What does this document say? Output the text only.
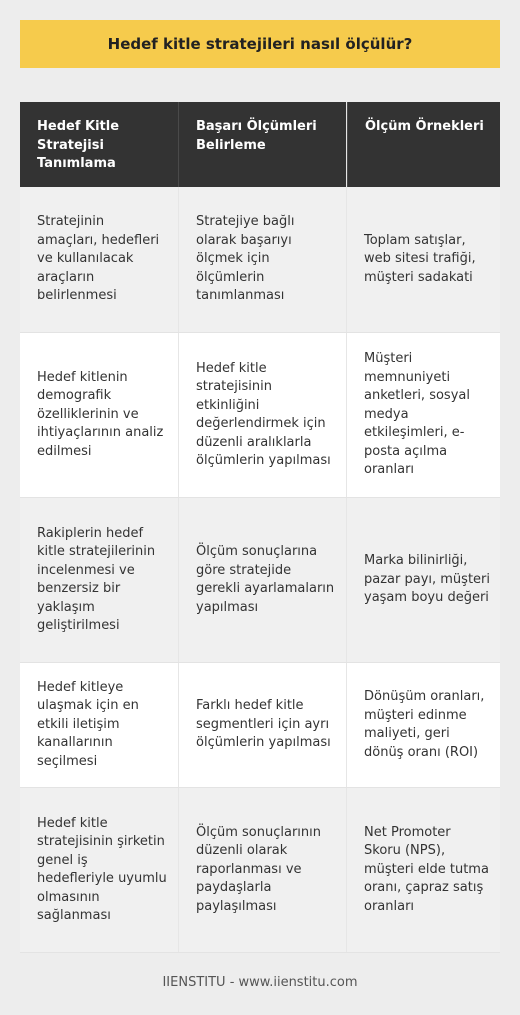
Hedef kitle stratejileri nasıl ölçülür?
Hedef Kitle Stratejisi Tanımlama
Başarı Ölçümleri Belirleme
Ölçüm Örnekleri
Stratejinin amaçları, hedefleri ve kullanılacak araçların belirlenmesi
Stratejiye bağlı olarak başarıyı ölçmek için ölçümlerin tanımlanması
Toplam satışlar, web sitesi trafiği, müşteri sadakati
Hedef kitlenin demografik özelliklerinin ve ihtiyaçlarının analiz edilmesi
Hedef kitle stratejisinin etkinliğini değerlendirmek için düzenli aralıklarla ölçümlerin yapılması
Müşteri memnuniyeti anketleri, sosyal medya etkileşimleri, e-posta açılma oranları
Rakiplerin hedef kitle stratejilerinin incelenmesi ve benzersiz bir yaklaşım geliştirilmesi
Ölçüm sonuçlarına göre stratejide gerekli ayarlamaların yapılması
Marka bilinirliği, pazar payı, müşteri yaşam boyu değeri
Hedef kitleye ulaşmak için en etkili iletişim kanallarının seçilmesi
Farklı hedef kitle segmentleri için ayrı ölçümlerin yapılması
Dönüşüm oranları, müşteri edinme maliyeti, geri dönüş oranı (ROI)
Hedef kitle stratejisinin şirketin genel iş hedefleriyle uyumlu olmasının sağlanması
Ölçüm sonuçlarının düzenli olarak raporlanması ve paydaşlarla paylaşılması
Net Promoter Skoru (NPS), müşteri elde tutma oranı, çapraz satış oranları
IIENSTITU - www.iienstitu.com
